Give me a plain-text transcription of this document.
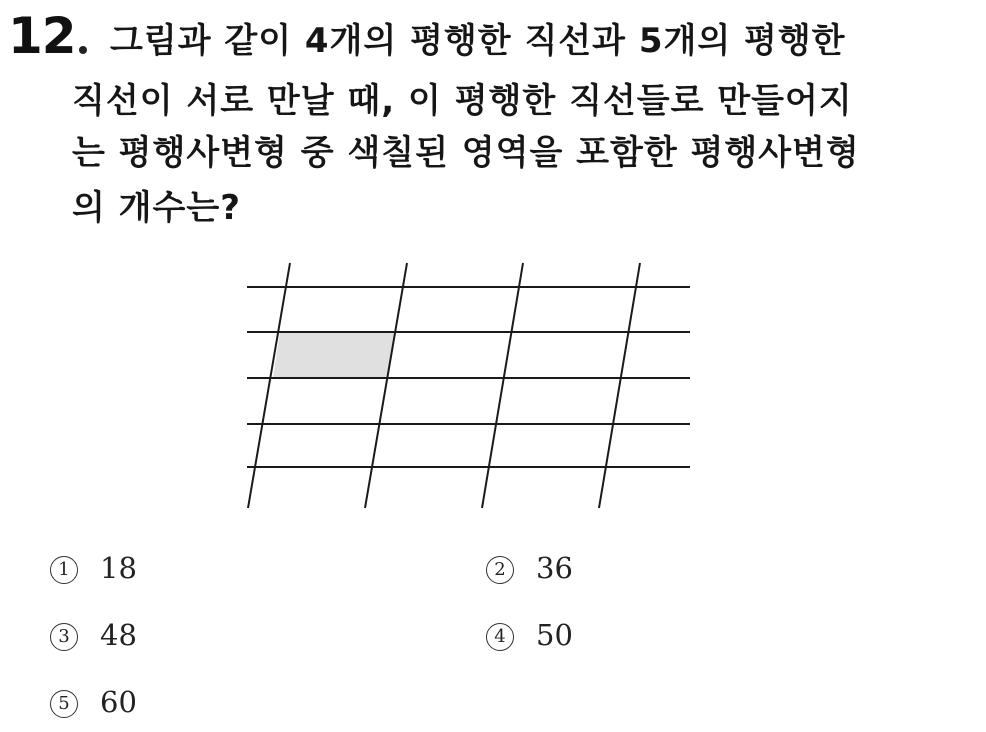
12 그림과 같이 4개의 평행한 직선과 5개의 평행한
직선이 서로 만날 때, 이 평행한 직선들로 만들어지
는 평행사변형 중 색칠된 영역을 포함한 평행사변형
의 개수는?
1 18	2 36
3 48	4 50
5 60
